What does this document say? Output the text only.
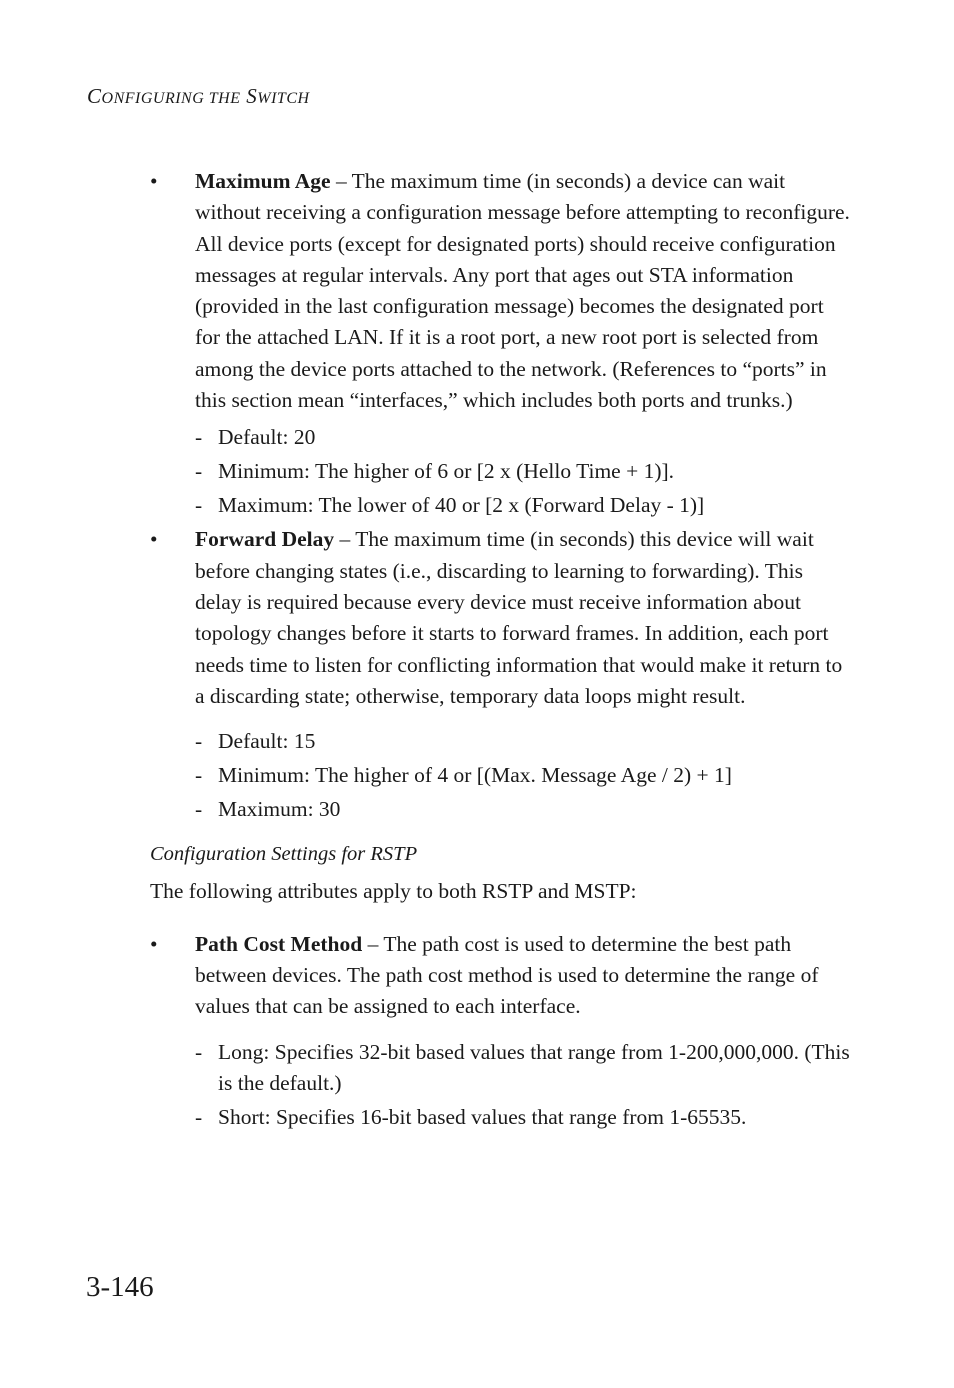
CONFIGURING THE SWITCH
•	Maximum Age – The maximum time (in seconds) a device can wait without receiving a configuration message before attempting to reconfigure. All device ports (except for designated ports) should receive configuration messages at regular intervals. Any port that ages out STA information (provided in the last configuration message) becomes the designated port for the attached LAN. If it is a root port, a new root port is selected from among the device ports attached to the network. (References to “ports” in this section mean “interfaces,” which includes both ports and trunks.)
- Default: 20
- Minimum: The higher of 6 or [2 x (Hello Time + 1)].
- Maximum: The lower of 40 or [2 x (Forward Delay - 1)]
•	Forward Delay – The maximum time (in seconds) this device will wait before changing states (i.e., discarding to learning to forwarding). This delay is required because every device must receive information about topology changes before it starts to forward frames. In addition, each port needs time to listen for conflicting information that would make it return to a discarding state; otherwise, temporary data loops might result.
- Default: 15
- Minimum: The higher of 4 or [(Max. Message Age / 2) + 1]
- Maximum: 30
Configuration Settings for RSTP
The following attributes apply to both RSTP and MSTP:
•	Path Cost Method – The path cost is used to determine the best path between devices. The path cost method is used to determine the range of values that can be assigned to each interface.
- Long: Specifies 32-bit based values that range from 1-200,000,000. (This is the default.)
- Short: Specifies 16-bit based values that range from 1-65535.
3-146
